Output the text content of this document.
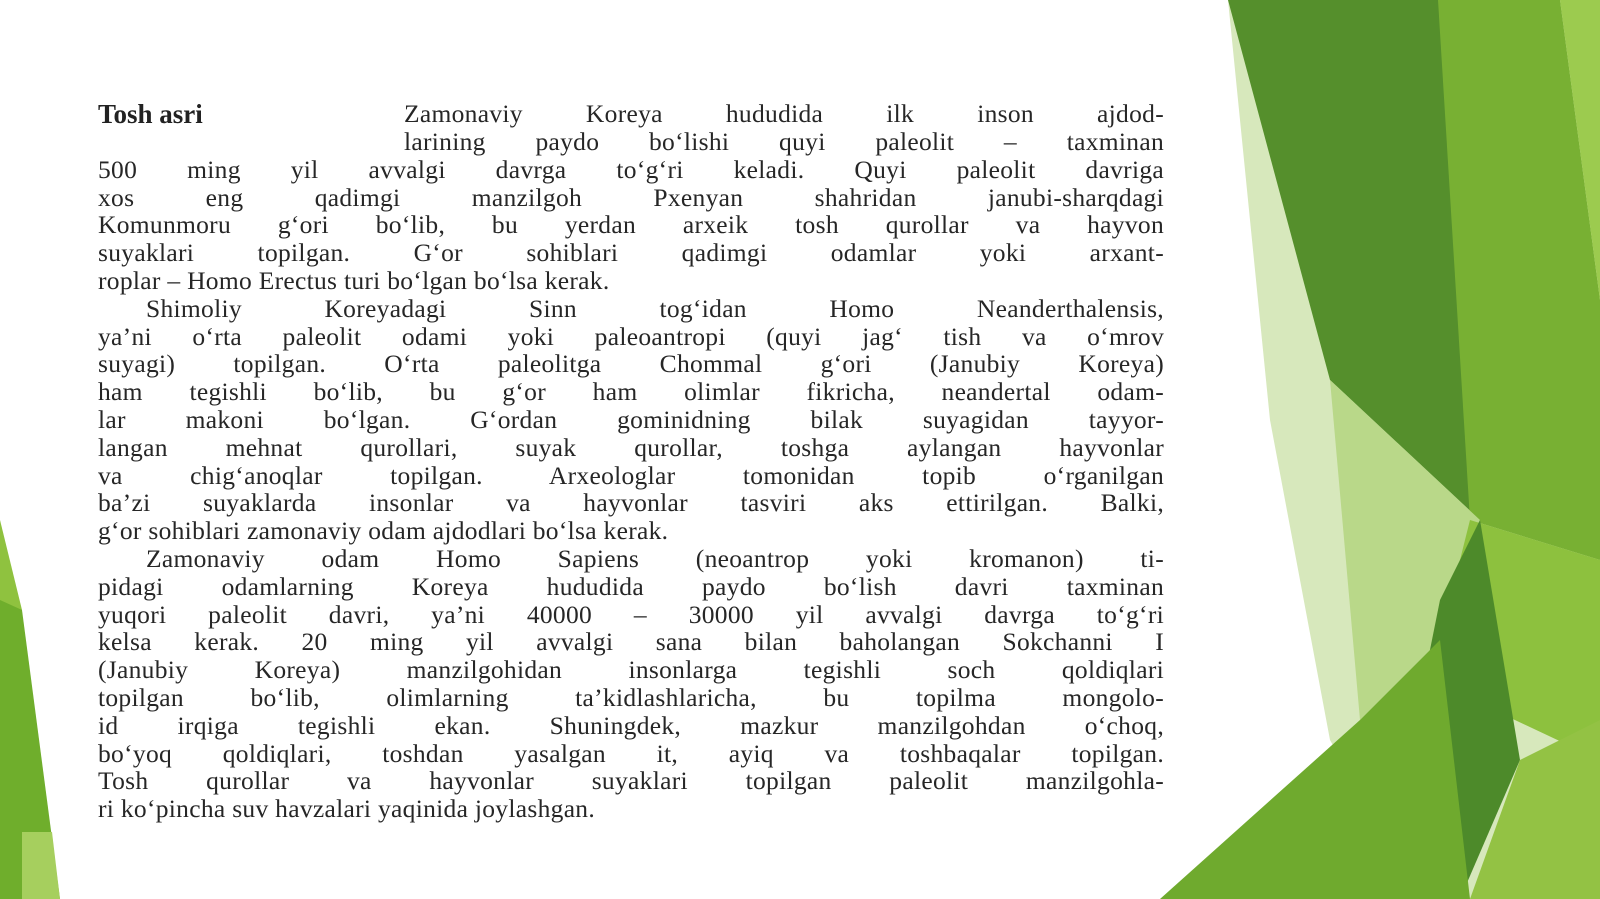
Tosh asri	Zamonaviy Koreya hududida ilk inson ajdod-
larining paydo bo‘lishi quyi paleolit – taxminan
500 ming yil avvalgi davrga to‘g‘ri keladi. Quyi paleolit davriga
xos eng qadimgi manzilgoh Pxenyan shahridan janubi-sharqdagi
Komunmoru g‘ori bo‘lib, bu yerdan arxeik tosh qurollar va hayvon
suyaklari topilgan. G‘or sohiblari qadimgi odamlar yoki arxant-
roplar – Homo Erectus turi bo‘lgan bo‘lsa kerak.
Shimoliy Koreyadagi Sinn tog‘idan Homo Neanderthalensis,
ya’ni o‘rta paleolit odami yoki paleoantropi (quyi jag‘ tish va o‘mrov
suyagi) topilgan. O‘rta paleolitga Chommal g‘ori (Janubiy Koreya)
ham tegishli bo‘lib, bu g‘or ham olimlar fikricha, neandertal odam-
lar makoni bo‘lgan. G‘ordan gominidning bilak suyagidan tayyor-
langan mehnat qurollari, suyak qurollar, toshga aylangan hayvonlar
va chig‘anoqlar topilgan. Arxeologlar tomonidan topib o‘rganilgan
ba’zi suyaklarda insonlar va hayvonlar tasviri aks ettirilgan. Balki,
g‘or sohiblari zamonaviy odam ajdodlari bo‘lsa kerak.
Zamonaviy odam Homo Sapiens (neoantrop yoki kromanon) ti-
pidagi odamlarning Koreya hududida paydo bo‘lish davri taxminan
yuqori paleolit davri, ya’ni 40000 – 30000 yil avvalgi davrga to‘g‘ri
kelsa kerak. 20 ming yil avvalgi sana bilan baholangan Sokchanni I
(Janubiy Koreya) manzilgohidan insonlarga tegishli soch qoldiqlari
topilgan bo‘lib, olimlarning ta’kidlashlaricha, bu topilma mongolo-
id irqiga tegishli ekan. Shuningdek, mazkur manzilgohdan o‘choq,
bo‘yoq qoldiqlari, toshdan yasalgan it, ayiq va toshbaqalar topilgan.
Tosh qurollar va hayvonlar suyaklari topilgan paleolit manzilgohla-
ri ko‘pincha suv havzalari yaqinida joylashgan.
